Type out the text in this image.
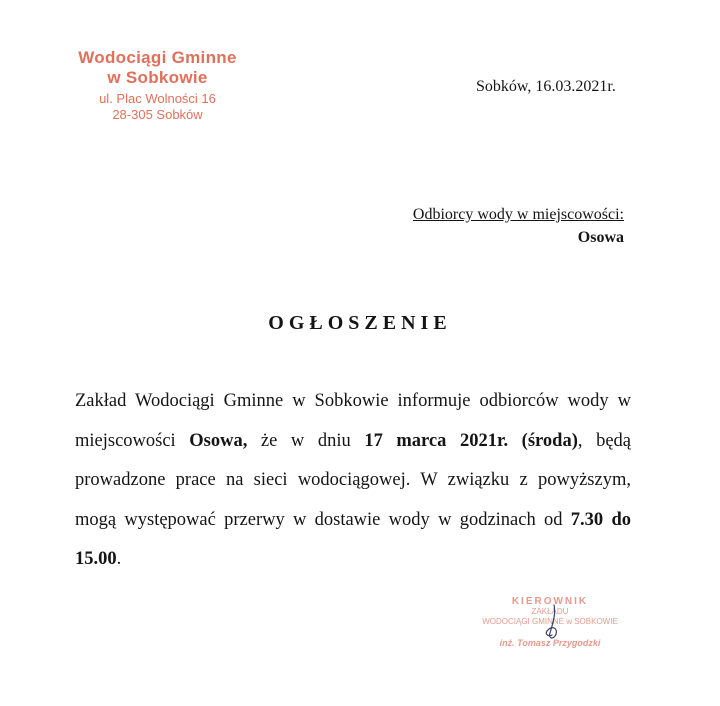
Wodociągi Gminne
w Sobkowie
ul. Plac Wolności 16
28-305 Sobków
Sobków, 16.03.2021r.
Odbiorcy wody w miejscowości:
Osowa
OGŁOSZENIE
Zakład Wodociągi Gminne w Sobkowie informuje odbiorców wody w miejscowości Osowa, że w dniu 17 marca 2021r. (środa), będą prowadzone prace na sieci wodociągowej. W związku z powyższym, mogą występować przerwy w dostawie wody w godzinach od 7.30 do 15.00.
KIEROWNIK
ZAKŁADU
WODOCIĄGI GMINNE w SOBKOWIE
inż. Tomasz Przygodzki
